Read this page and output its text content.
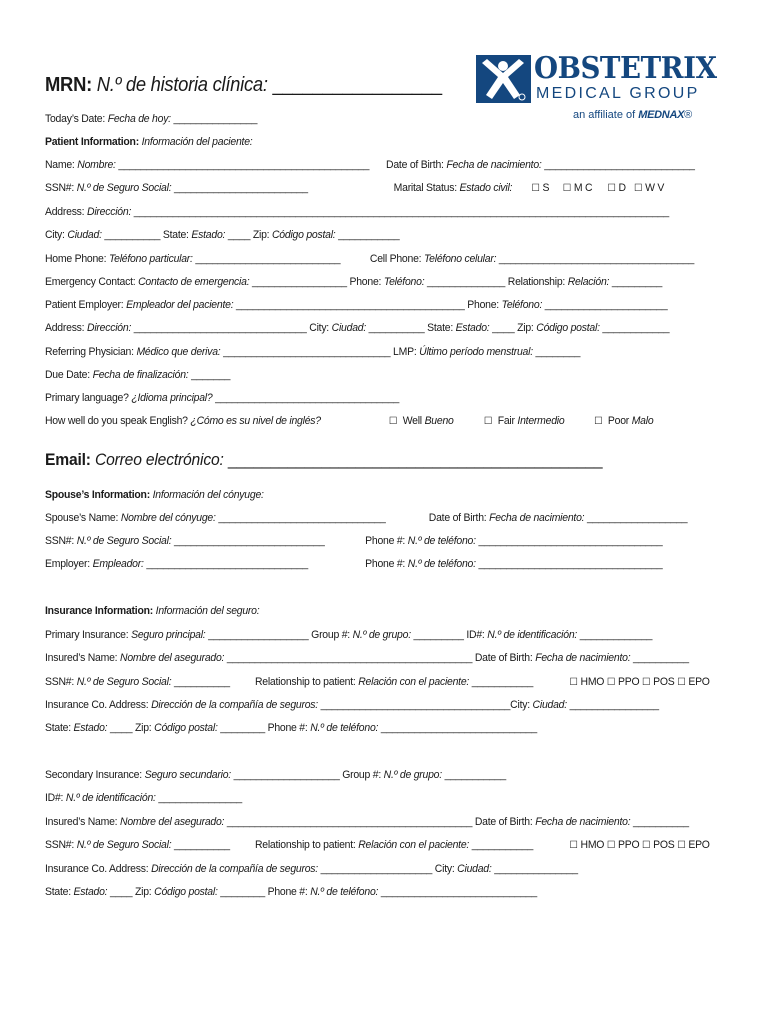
MRN: N.º de historia clínica: _________________	OBSTETRIX
MEDICAL GROUP
an affiliate of MEDNAX®
Today’s Date: Fecha de hoy: _______________
Patient Information: Información del paciente:
Name: Nombre: _____________________________________________ Date of Birth: Fecha de nacimiento: ___________________________
SSN#: N.º de Seguro Social: ________________________	Marital Status: Estado civil: ☐ S ☐ M C ☐ D ☐ W V
Address: Dirección: ________________________________________________________________________________________________
City: Ciudad: __________ State: Estado: ____ Zip: Código postal: ___________
Home Phone: Teléfono particular: __________________________	Cell Phone: Teléfono celular: ___________________________________
Emergency Contact: Contacto de emergencia: _________________ Phone: Teléfono: ______________ Relationship: Relación: _________
Patient Employer: Empleador del paciente: _________________________________________ Phone: Teléfono: ______________________
Address: Dirección: _______________________________ City: Ciudad: __________ State: Estado: ____ Zip: Código postal: ____________
Referring Physician: Médico que deriva: ______________________________ LMP: Último período menstrual: ________
Due Date: Fecha de finalización: _______
Primary language? ¿Idioma principal? _________________________________
How well do you speak English? ¿Cómo es su nivel de inglés?	☐ Well Bueno	☐ Fair Intermedio	☐ Poor Malo
Email: Correo electrónico: ____________________________________________
Spouse’s Information: Información del cónyuge:
Spouse’s Name: Nombre del cónyuge: ______________________________	Date of Birth: Fecha de nacimiento: __________________
SSN#: N.º de Seguro Social: ___________________________	Phone #: N.º de teléfono: _________________________________
Employer: Empleador: _____________________________	Phone #: N.º de teléfono: _________________________________
Insurance Information: Información del seguro:
Primary Insurance: Seguro principal: __________________ Group #: N.º de grupo: _________ ID#: N.º de identificación: _____________
Insured’s Name: Nombre del asegurado: ____________________________________________ Date of Birth: Fecha de nacimiento: __________
SSN#: N.º de Seguro Social: __________ Relationship to patient: Relación con el paciente: ___________	☐ HMO ☐ PPO ☐ POS ☐ EPO
Insurance Co. Address: Dirección de la compañía de seguros: __________________________________City: Ciudad: ________________
State: Estado: ____ Zip: Código postal: ________ Phone #: N.º de teléfono: ____________________________
Secondary Insurance: Seguro secundario: ___________________ Group #: N.º de grupo: ___________
ID#: N.º de identificación: _______________
Insured’s Name: Nombre del asegurado: ____________________________________________ Date of Birth: Fecha de nacimiento: __________
SSN#: N.º de Seguro Social: __________ Relationship to patient: Relación con el paciente: ___________	☐ HMO ☐ PPO ☐ POS ☐ EPO
Insurance Co. Address: Dirección de la compañía de seguros: ____________________ City: Ciudad: _______________
State: Estado: ____ Zip: Código postal: ________ Phone #: N.º de teléfono: ____________________________
